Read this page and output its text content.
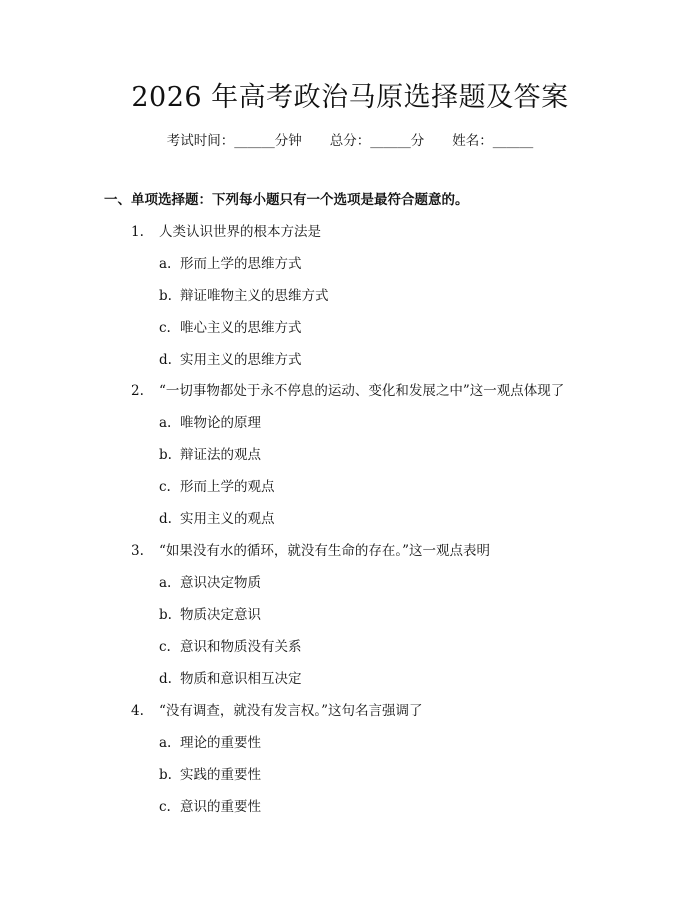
2026 年高考政治马原选择题及答案
考试时间：______分钟 总分：______分 姓名：______
一、单项选择题：下列每小题只有一个选项是最符合题意的。
1. 人类认识世界的根本方法是
a. 形而上学的思维方式
b. 辩证唯物主义的思维方式
c. 唯心主义的思维方式
d. 实用主义的思维方式
2. “一切事物都处于永不停息的运动、变化和发展之中”这一观点体现了
a. 唯物论的原理
b. 辩证法的观点
c. 形而上学的观点
d. 实用主义的观点
3. “如果没有水的循环，就没有生命的存在。”这一观点表明
a. 意识决定物质
b. 物质决定意识
c. 意识和物质没有关系
d. 物质和意识相互决定
4. “没有调查，就没有发言权。”这句名言强调了
a. 理论的重要性
b. 实践的重要性
c. 意识的重要性
